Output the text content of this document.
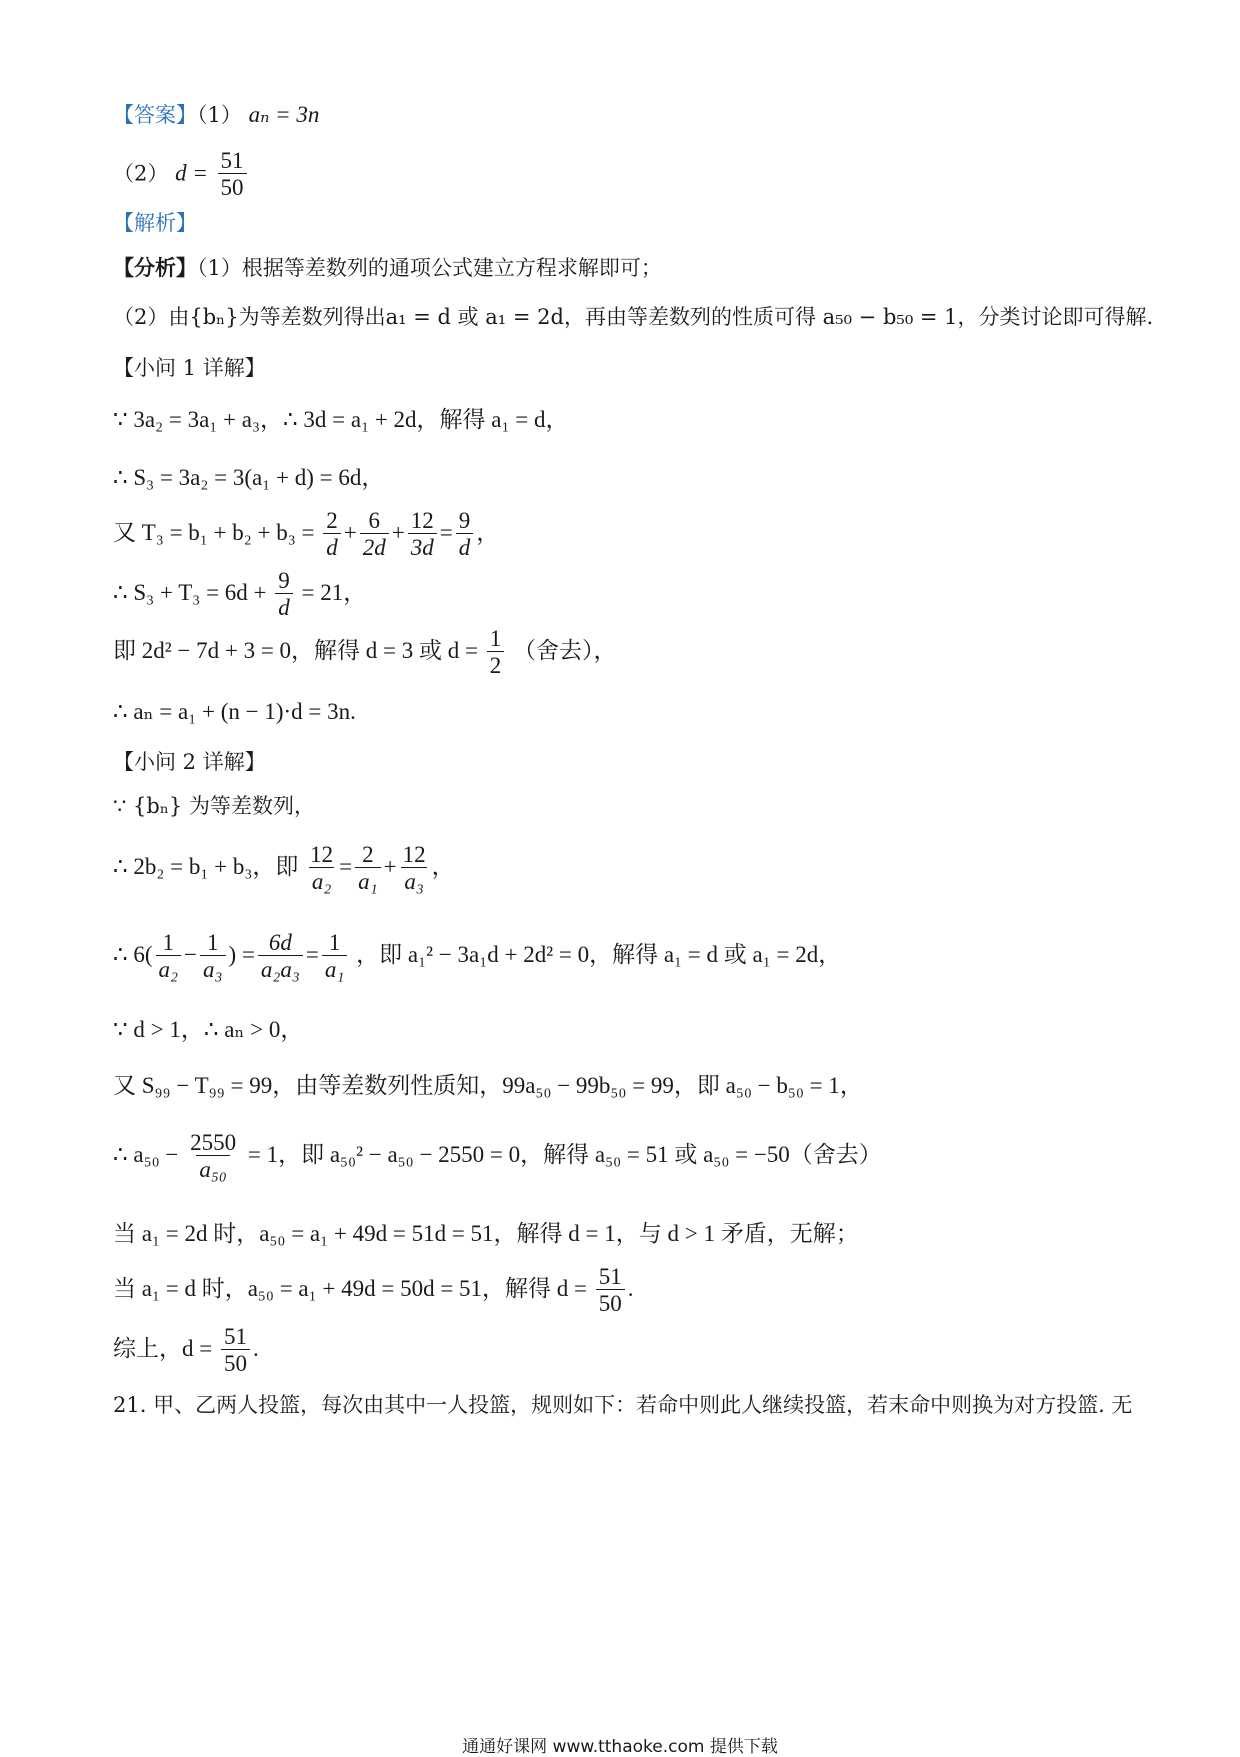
【答案】（1） aₙ = 3n
（2） $d = \frac{51}{50}$
【解析】
【分析】（1）根据等差数列的通项公式建立方程求解即可；
（2）由{bₙ}为等差数列得出a₁ = d 或 a₁ = 2d，再由等差数列的性质可得 a₅₀ − b₅₀ = 1，分类讨论即可得解.
【小问 1 详解】
∵ 3a₂ = 3a₁ + a₃，∴ 3d = a₁ + 2d，解得 a₁ = d，
∴ S₃ = 3a₂ = 3(a₁ + d) = 6d，
又 $T_3 = b_1 + b_2 + b_3 = \frac{2}{d} + \frac{6}{2d} + \frac{12}{3d} = \frac{9}{d}$ ，
∴ $S_3 + T_3 = 6d + \frac{9}{d} = 21$，
即 2d² − 7d + 3 = 0，解得 d = 3 或 $d = \frac{1}{2}$ （舍去），
∴ aₙ = a₁ + (n − 1)·d = 3n.
【小问 2 详解】
∵ {bₙ} 为等差数列，
∴ 2b₂ = b₁ + b₃，即 $\frac{12}{\text{a₂}} = \frac{2}{\text{a₁}} + \frac{12}{\text{a₃}}$ ，
∴ $6( \frac{1}{\text{a₂}} - \frac{1}{\text{a₃}}$ ) = $\frac{6d}{\text{a₂a₃}} = \frac{1}{\text{a₁}}$ ，即 a₁² − 3a₁d + 2d² = 0，解得 a₁ = d 或 a₁ = 2d，
∵ d > 1，∴ aₙ > 0，
又 S₉₉ − T₉₉ = 99，由等差数列性质知，99a₅₀ − 99b₅₀ = 99，即 a₅₀ − b₅₀ = 1，
∴ $a_{50} - \frac{2550}{\text{a₅₀}} = 1$，即 a₅₀² − a₅₀ − 2550 = 0，解得 a₅₀ = 51 或 a₅₀ = −50（舍去）
当 a₁ = 2d 时，a₅₀ = a₁ + 49d = 51d = 51，解得 d = 1，与 d > 1 矛盾，无解；
当 a₁ = d 时，a₅₀ = a₁ + 49d = 50d = 51，解得 $d = \frac{51}{50}$ .
综上，$d = \frac{51}{50}$ .
21. 甲、乙两人投篮，每次由其中一人投篮，规则如下：若命中则此人继续投篮，若末命中则换为对方投篮. 无
通通好课网 www.tthaoke.com 提供下载
